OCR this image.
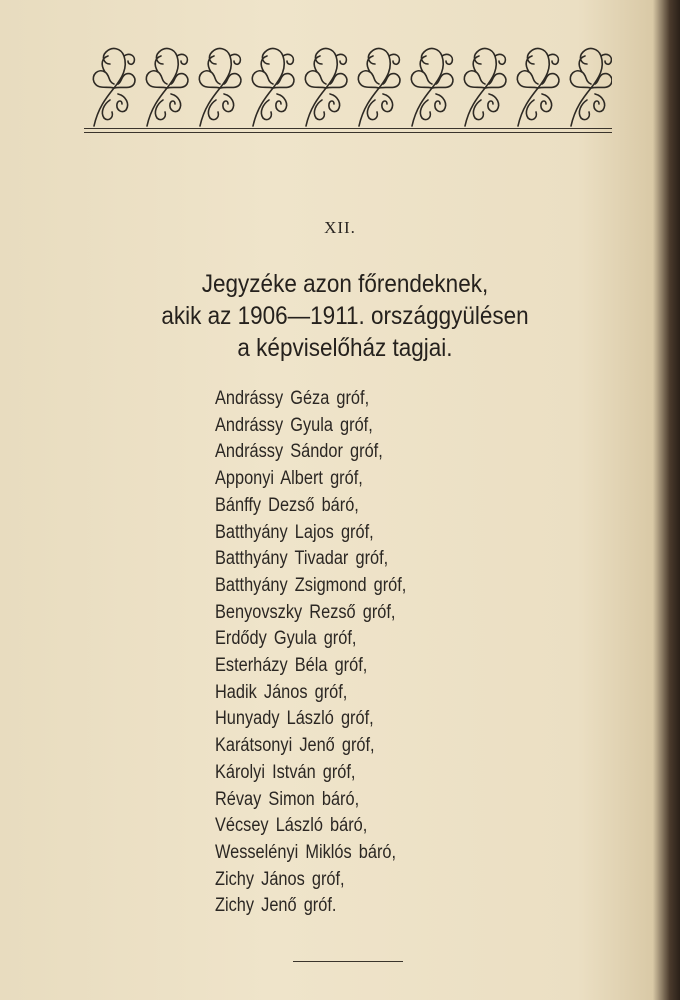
XII.
Jegyzéke azon főrendeknek,
akik az 1906—1911. országgyülésen
a képviselőház tagjai.
Andrássy Géza gróf,
Andrássy Gyula gróf,
Andrássy Sándor gróf,
Apponyi Albert gróf,
Bánffy Dezső báró,
Batthyány Lajos gróf,
Batthyány Tivadar gróf,
Batthyány Zsigmond gróf,
Benyovszky Rezső gróf,
Erdődy Gyula gróf,
Esterházy Béla gróf,
Hadik János gróf,
Hunyady László gróf,
Karátsonyi Jenő gróf,
Károlyi István gróf,
Révay Simon báró,
Vécsey László báró,
Wesselényi Miklós báró,
Zichy János gróf,
Zichy Jenő gróf.
